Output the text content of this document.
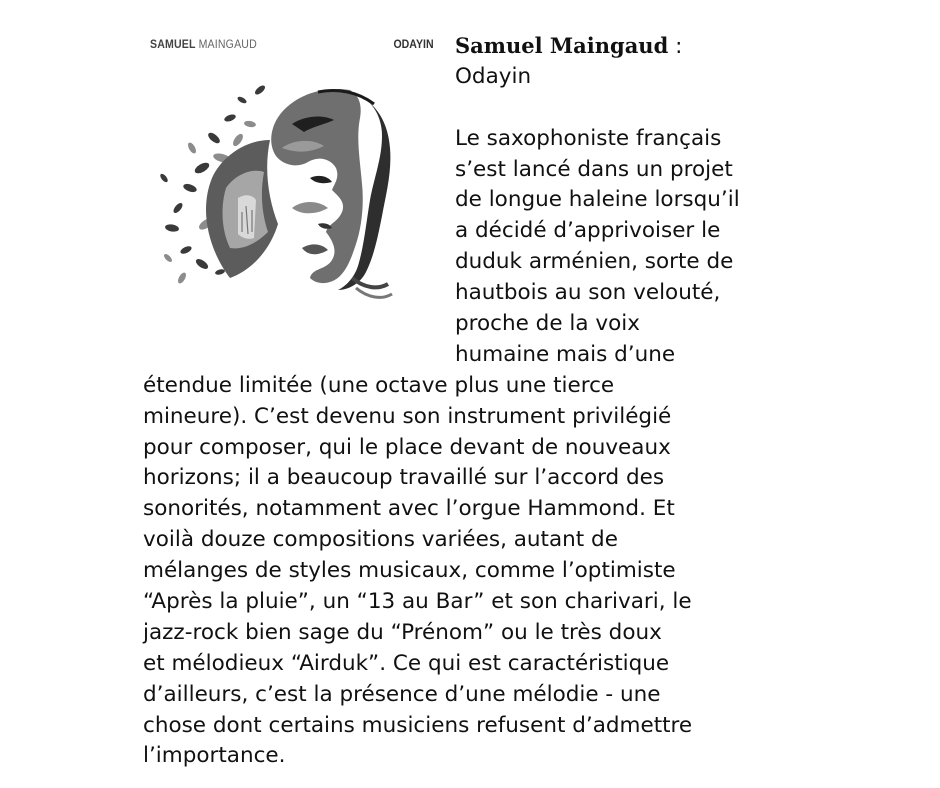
SAMUEL MAINGAUD	ODAYIN	Samuel Maingaud :
Odayin
Le saxophoniste français
s’est lancé dans un projet
de longue haleine lorsqu’il
a décidé d’apprivoiser le
duduk arménien, sorte de
hautbois au son velouté,
proche de la voix
humaine mais d’une
étendue limitée (une octave plus une tierce
mineure). C’est devenu son instrument privilégié
pour composer, qui le place devant de nouveaux
horizons; il a beaucoup travaillé sur l’accord des
sonorités, notamment avec l’orgue Hammond. Et
voilà douze compositions variées, autant de
mélanges de styles musicaux, comme l’optimiste
“Après la pluie”, un “13 au Bar” et son charivari, le
jazz-rock bien sage du “Prénom” ou le très doux
et mélodieux “Airduk”. Ce qui est caractéristique
d’ailleurs, c’est la présence d’une mélodie - une
chose dont certains musiciens refusent d’admettre
l’importance.
